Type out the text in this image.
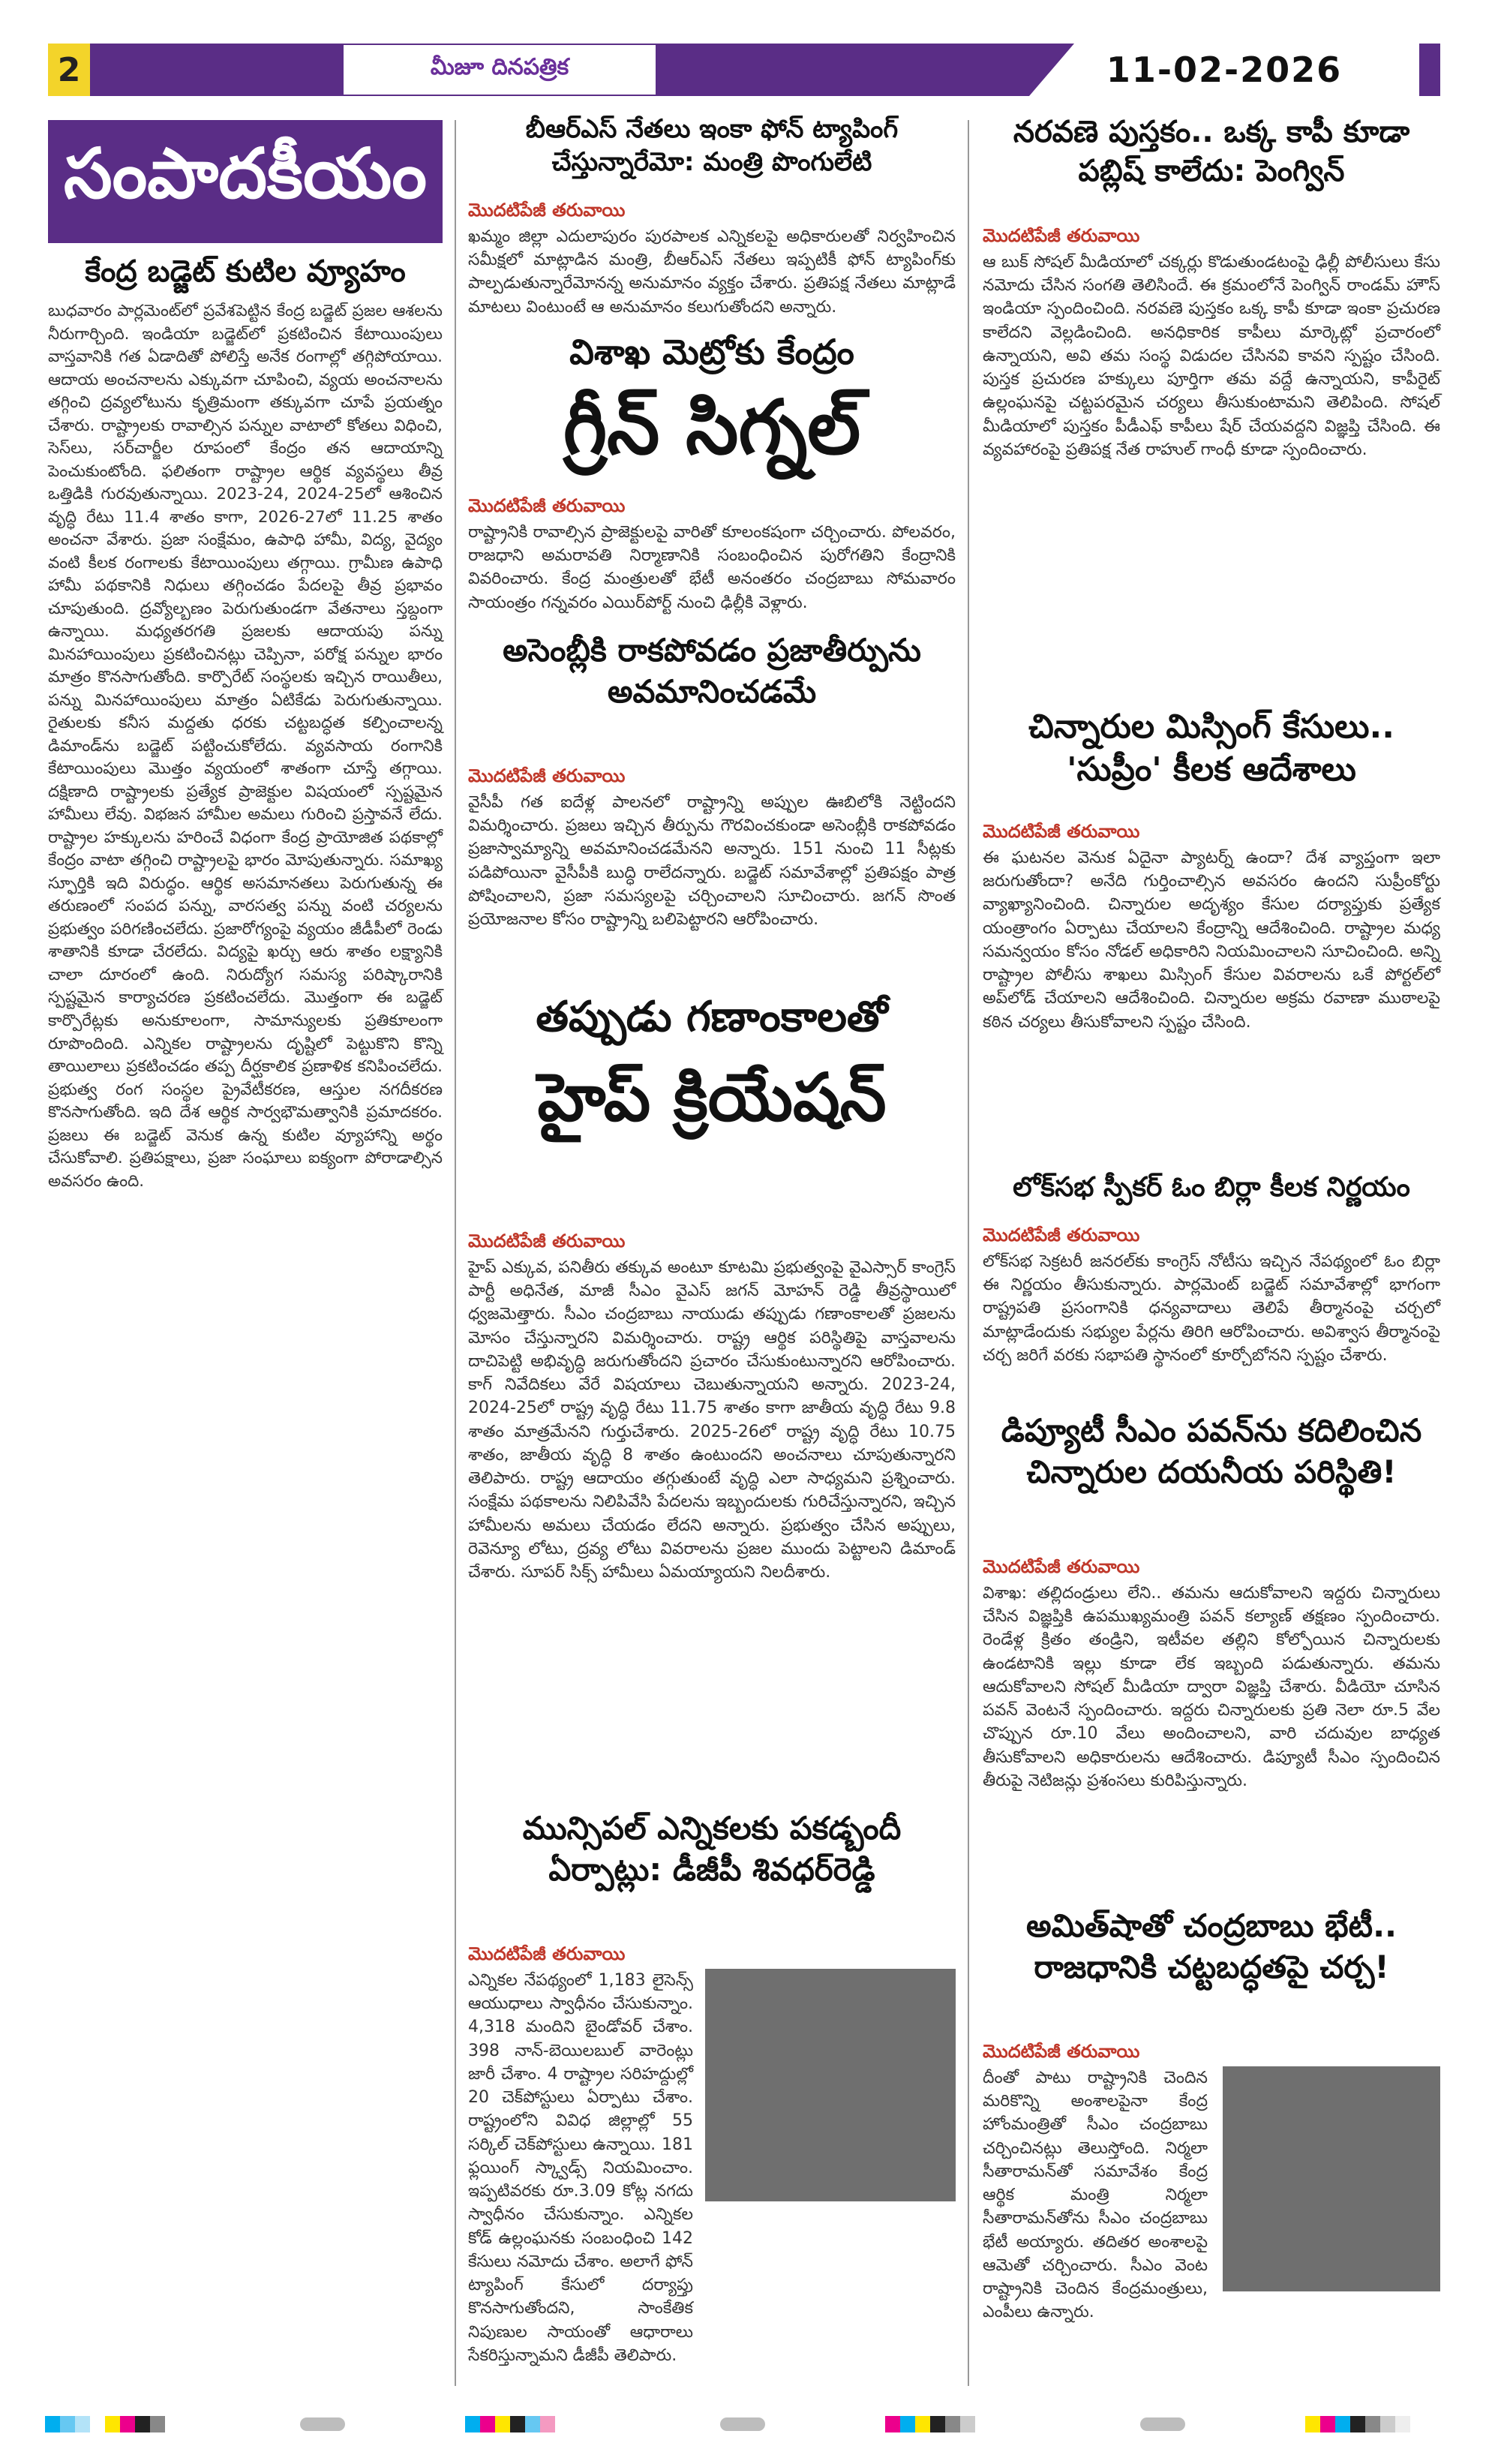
2	మీజూ దినపత్రిక	11-02-2026
సంపాదకీయం
కేంద్ర బడ్జెట్ కుటిల వ్యూహం

బుధవారం పార్లమెంట్‌లో ప్రవేశపెట్టిన కేంద్ర బడ్జెట్ ప్రజల ఆశలను నీరుగార్చింది. ఇండియా బడ్జెట్‌లో ప్రకటించిన కేటాయింపులు వాస్తవానికి గత ఏడాదితో పోలిస్తే అనేక రంగాల్లో తగ్గిపోయాయి. ఆదాయ అంచనాలను ఎక్కువగా చూపించి, వ్యయ అంచనాలను తగ్గించి ద్రవ్యలోటును కృత్రిమంగా తక్కువగా చూపే ప్రయత్నం చేశారు. రాష్ట్రాలకు రావాల్సిన పన్నుల వాటాలో కోతలు విధించి, సెస్‌లు, సర్‌చార్జీల రూపంలో కేంద్రం తన ఆదాయాన్ని పెంచుకుంటోంది. ఫలితంగా రాష్ట్రాల ఆర్థిక వ్యవస్థలు తీవ్ర ఒత్తిడికి గురవుతున్నాయి. 2023-24, 2024-25లో ఆశించిన వృద్ధి రేటు 11.4 శాతం కాగా, 2026-27లో 11.25 శాతం అంచనా వేశారు. ప్రజా సంక్షేమం, ఉపాధి హామీ, విద్య, వైద్యం వంటి కీలక రంగాలకు కేటాయింపులు తగ్గాయి. గ్రామీణ ఉపాధి హామీ పథకానికి నిధులు తగ్గించడం పేదలపై తీవ్ర ప్రభావం చూపుతుంది. ద్రవ్యోల్బణం పెరుగుతుండగా వేతనాలు స్తబ్దంగా ఉన్నాయి. మధ్యతరగతి ప్రజలకు ఆదాయపు పన్ను మినహాయింపులు ప్రకటించినట్లు చెప్పినా, పరోక్ష పన్నుల భారం మాత్రం కొనసాగుతోంది. కార్పొరేట్ సంస్థలకు ఇచ్చిన రాయితీలు, పన్ను మినహాయింపులు మాత్రం ఏటికేడు పెరుగుతున్నాయి. రైతులకు కనీస మద్దతు ధరకు చట్టబద్ధత కల్పించాలన్న డిమాండ్‌ను బడ్జెట్ పట్టించుకోలేదు. వ్యవసాయ రంగానికి కేటాయింపులు మొత్తం వ్యయంలో శాతంగా చూస్తే తగ్గాయి. దక్షిణాది రాష్ట్రాలకు ప్రత్యేక ప్రాజెక్టుల విషయంలో స్పష్టమైన హామీలు లేవు. విభజన హామీల అమలు గురించి ప్రస్తావనే లేదు. రాష్ట్రాల హక్కులను హరించే విధంగా కేంద్ర ప్రాయోజిత పథకాల్లో కేంద్రం వాటా తగ్గించి రాష్ట్రాలపై భారం మోపుతున్నారు. సమాఖ్య స్ఫూర్తికి ఇది విరుద్ధం. ఆర్థిక అసమానతలు పెరుగుతున్న ఈ తరుణంలో సంపద పన్ను, వారసత్వ పన్ను వంటి చర్యలను ప్రభుత్వం పరిగణించలేదు. ప్రజారోగ్యంపై వ్యయం జీడీపీలో రెండు శాతానికి కూడా చేరలేదు. విద్యపై ఖర్చు ఆరు శాతం లక్ష్యానికి చాలా దూరంలో ఉంది. నిరుద్యోగ సమస్య పరిష్కారానికి స్పష్టమైన కార్యాచరణ ప్రకటించలేదు. మొత్తంగా ఈ బడ్జెట్ కార్పొరేట్లకు అనుకూలంగా, సామాన్యులకు ప్రతికూలంగా రూపొందింది. ఎన్నికల రాష్ట్రాలను దృష్టిలో పెట్టుకొని కొన్ని తాయిలాలు ప్రకటించడం తప్ప దీర్ఘకాలిక ప్రణాళిక కనిపించలేదు. ప్రభుత్వ రంగ సంస్థల ప్రైవేటీకరణ, ఆస్తుల నగదీకరణ కొనసాగుతోంది. ఇది దేశ ఆర్థిక సార్వభౌమత్వానికి ప్రమాదకరం. ప్రజలు ఈ బడ్జెట్ వెనుక ఉన్న కుటిల వ్యూహాన్ని అర్థం చేసుకోవాలి. ప్రతిపక్షాలు, ప్రజా సంఘాలు ఐక్యంగా పోరాడాల్సిన అవసరం ఉంది.

బీఆర్ఎస్ నేతలు ఇంకా ఫోన్ ట్యాపింగ్ చేస్తున్నారేమో: మంత్రి పొంగులేటి
మొదటిపేజీ తరువాయి

ఖమ్మం జిల్లా ఎదులాపురం పురపాలక ఎన్నికలపై అధికారులతో నిర్వహించిన సమీక్షలో మాట్లాడిన మంత్రి, బీఆర్ఎస్ నేతలు ఇప్పటికీ ఫోన్ ట్యాపింగ్‌కు పాల్పడుతున్నారేమోనన్న అనుమానం వ్యక్తం చేశారు. ప్రతిపక్ష నేతలు మాట్లాడే మాటలు వింటుంటే ఆ అనుమానం కలుగుతోందని అన్నారు.

విశాఖ మెట్రోకు కేంద్రం
గ్రీన్ సిగ్నల్
మొదటిపేజీ తరువాయి

రాష్ట్రానికి రావాల్సిన ప్రాజెక్టులపై వారితో కూలంకషంగా చర్చించారు. పోలవరం, రాజధాని అమరావతి నిర్మాణానికి సంబంధించిన పురోగతిని కేంద్రానికి వివరించారు. కేంద్ర మంత్రులతో భేటీ అనంతరం చంద్రబాబు సోమవారం సాయంత్రం గన్నవరం ఎయిర్‌పోర్ట్ నుంచి ఢిల్లీకి వెళ్లారు.

అసెంబ్లీకి రాకపోవడం ప్రజాతీర్పును అవమానించడమే
మొదటిపేజీ తరువాయి

వైసీపీ గత ఐదేళ్ల పాలనలో రాష్ట్రాన్ని అప్పుల ఊబిలోకి నెట్టిందని విమర్శించారు. ప్రజలు ఇచ్చిన తీర్పును గౌరవించకుండా అసెంబ్లీకి రాకపోవడం ప్రజాస్వామ్యాన్ని అవమానించడమేనని అన్నారు. 151 నుంచి 11 సీట్లకు పడిపోయినా వైసీపీకి బుద్ధి రాలేదన్నారు. బడ్జెట్ సమావేశాల్లో ప్రతిపక్షం పాత్ర పోషించాలని, ప్రజా సమస్యలపై చర్చించాలని సూచించారు. జగన్ సొంత ప్రయోజనాల కోసం రాష్ట్రాన్ని బలిపెట్టారని ఆరోపించారు.

తప్పుడు గణాంకాలతో
హైప్ క్రియేషన్
మొదటిపేజీ తరువాయి

హైప్ ఎక్కువ, పనితీరు తక్కువ అంటూ కూటమి ప్రభుత్వంపై వైఎస్సార్ కాంగ్రెస్ పార్టీ అధినేత, మాజీ సీఎం వైఎస్ జగన్ మోహన్ రెడ్డి తీవ్రస్థాయిలో ధ్వజమెత్తారు. సీఎం చంద్రబాబు నాయుడు తప్పుడు గణాంకాలతో ప్రజలను మోసం చేస్తున్నారని విమర్శించారు. రాష్ట్ర ఆర్థిక పరిస్థితిపై వాస్తవాలను దాచిపెట్టి అభివృద్ధి జరుగుతోందని ప్రచారం చేసుకుంటున్నారని ఆరోపించారు. కాగ్ నివేదికలు వేరే విషయాలు చెబుతున్నాయని అన్నారు. 2023-24, 2024-25లో రాష్ట్ర వృద్ధి రేటు 11.75 శాతం కాగా జాతీయ వృద్ధి రేటు 9.8 శాతం మాత్రమేనని గుర్తుచేశారు. 2025-26లో రాష్ట్ర వృద్ధి రేటు 10.75 శాతం, జాతీయ వృద్ధి 8 శాతం ఉంటుందని అంచనాలు చూపుతున్నారని తెలిపారు. రాష్ట్ర ఆదాయం తగ్గుతుంటే వృద్ధి ఎలా సాధ్యమని ప్రశ్నించారు. సంక్షేమ పథకాలను నిలిపివేసి పేదలను ఇబ్బందులకు గురిచేస్తున్నారని, ఇచ్చిన హామీలను అమలు చేయడం లేదని అన్నారు. ప్రభుత్వం చేసిన అప్పులు, రెవెన్యూ లోటు, ద్రవ్య లోటు వివరాలను ప్రజల ముందు పెట్టాలని డిమాండ్ చేశారు. సూపర్ సిక్స్ హామీలు ఏమయ్యాయని నిలదీశారు.

మున్సిపల్ ఎన్నికలకు పకడ్బందీ ఏర్పాట్లు: డీజీపీ శివధర్‌రెడ్డి
మొదటిపేజీ తరువాయి

ఎన్నికల నేపథ్యంలో 1,183 లైసెన్స్ ఆయుధాలు స్వాధీనం చేసుకున్నాం. 4,318 మందిని బైండోవర్ చేశాం. 398 నాన్-బెయిలబుల్ వారెంట్లు జారీ చేశాం. 4 రాష్ట్రాల సరిహద్దుల్లో 20 చెక్‌పోస్టులు ఏర్పాటు చేశాం. రాష్ట్రంలోని వివిధ జిల్లాల్లో 55 సర్కిల్ చెక్‌పోస్టులు ఉన్నాయి. 181 ఫ్లయింగ్ స్క్వాడ్స్ నియమించాం. ఇప్పటివరకు రూ.3.09 కోట్ల నగదు స్వాధీనం చేసుకున్నాం. ఎన్నికల కోడ్ ఉల్లంఘనకు సంబంధించి 142 కేసులు నమోదు చేశాం. అలాగే ఫోన్ ట్యాపింగ్ కేసులో దర్యాప్తు కొనసాగుతోందని, సాంకేతిక నిపుణుల సాయంతో ఆధారాలు సేకరిస్తున్నామని డీజీపీ తెలిపారు.

నరవణె పుస్తకం.. ఒక్క కాపీ కూడా పబ్లిష్ కాలేదు: పెంగ్విన్
మొదటిపేజీ తరువాయి

ఆ బుక్ సోషల్ మీడియాలో చక్కర్లు కొడుతుండటంపై ఢిల్లీ పోలీసులు కేసు నమోదు చేసిన సంగతి తెలిసిందే. ఈ క్రమంలోనే పెంగ్విన్ రాండమ్ హౌస్ ఇండియా స్పందించింది. నరవణె పుస్తకం ఒక్క కాపీ కూడా ఇంకా ప్రచురణ కాలేదని వెల్లడించింది. అనధికారిక కాపీలు మార్కెట్లో ప్రచారంలో ఉన్నాయని, అవి తమ సంస్థ విడుదల చేసినవి కావని స్పష్టం చేసింది. పుస్తక ప్రచురణ హక్కులు పూర్తిగా తమ వద్దే ఉన్నాయని, కాపీరైట్ ఉల్లంఘనపై చట్టపరమైన చర్యలు తీసుకుంటామని తెలిపింది. సోషల్ మీడియాలో పుస్తకం పీడీఎఫ్ కాపీలు షేర్ చేయవద్దని విజ్ఞప్తి చేసింది. ఈ వ్యవహారంపై ప్రతిపక్ష నేత రాహుల్ గాంధీ కూడా స్పందించారు.

చిన్నారుల మిస్సింగ్ కేసులు.. 'సుప్రీం' కీలక ఆదేశాలు
మొదటిపేజీ తరువాయి

ఈ ఘటనల వెనుక ఏదైనా ప్యాటర్న్ ఉందా? దేశ వ్యాప్తంగా ఇలా జరుగుతోందా? అనేది గుర్తించాల్సిన అవసరం ఉందని సుప్రీంకోర్టు వ్యాఖ్యానించింది. చిన్నారుల అదృశ్యం కేసుల దర్యాప్తుకు ప్రత్యేక యంత్రాంగం ఏర్పాటు చేయాలని కేంద్రాన్ని ఆదేశించింది. రాష్ట్రాల మధ్య సమన్వయం కోసం నోడల్ అధికారిని నియమించాలని సూచించింది. అన్ని రాష్ట్రాల పోలీసు శాఖలు మిస్సింగ్ కేసుల వివరాలను ఒకే పోర్టల్‌లో అప్‌లోడ్ చేయాలని ఆదేశించింది. చిన్నారుల అక్రమ రవాణా ముఠాలపై కఠిన చర్యలు తీసుకోవాలని స్పష్టం చేసింది.

లోక్‌సభ స్పీకర్ ఓం బిర్లా కీలక నిర్ణయం
మొదటిపేజీ తరువాయి

లోక్‌సభ సెక్రటరీ జనరల్‌కు కాంగ్రెస్ నోటీసు ఇచ్చిన నేపథ్యంలో ఓం బిర్లా ఈ నిర్ణయం తీసుకున్నారు. పార్లమెంట్ బడ్జెట్ సమావేశాల్లో భాగంగా రాష్ట్రపతి ప్రసంగానికి ధన్యవాదాలు తెలిపే తీర్మానంపై చర్చలో మాట్లాడేందుకు సభ్యుల పేర్లను తిరిగి ఆరోపించారు. అవిశ్వాస తీర్మానంపై చర్చ జరిగే వరకు సభాపతి స్థానంలో కూర్చోబోనని స్పష్టం చేశారు.

డిప్యూటీ సీఎం పవన్‌ను కదిలించిన చిన్నారుల దయనీయ పరిస్థితి!
మొదటిపేజీ తరువాయి

విశాఖ: తల్లిదండ్రులు లేని.. తమను ఆదుకోవాలని ఇద్దరు చిన్నారులు చేసిన విజ్ఞప్తికి ఉపముఖ్యమంత్రి పవన్ కల్యాణ్‌ తక్షణం స్పందించారు. రెండేళ్ల క్రితం తండ్రిని, ఇటీవల తల్లిని కోల్పోయిన చిన్నారులకు ఉండటానికి ఇల్లు కూడా లేక ఇబ్బంది పడుతున్నారు. తమను ఆదుకోవాలని సోషల్ మీడియా ద్వారా విజ్ఞప్తి చేశారు. వీడియో చూసిన పవన్ వెంటనే స్పందించారు. ఇద్దరు చిన్నారులకు ప్రతి నెలా రూ.5 వేల చొప్పున రూ.10 వేలు అందించాలని, వారి చదువుల బాధ్యత తీసుకోవాలని అధికారులను ఆదేశించారు. డిప్యూటీ సీఎం స్పందించిన తీరుపై నెటిజన్లు ప్రశంసలు కురిపిస్తున్నారు.

అమిత్‌షాతో చంద్రబాబు భేటీ.. రాజధానికి చట్టబద్ధతపై చర్చ!
మొదటిపేజీ తరువాయి

దీంతో పాటు రాష్ట్రానికి చెందిన మరికొన్ని అంశాలపైనా కేంద్ర హోంమంత్రితో సీఎం చంద్రబాబు చర్చించినట్లు తెలుస్తోంది. నిర్మలా సీతారామన్‌తో సమావేశం కేంద్ర ఆర్థిక మంత్రి నిర్మలా సీతారామన్‌తోను సీఎం చంద్రబాబు భేటీ అయ్యారు. తదితర అంశాలపై ఆమెతో చర్చించారు. సీఎం వెంట రాష్ట్రానికి చెందిన కేంద్రమంత్రులు, ఎంపీలు ఉన్నారు.
